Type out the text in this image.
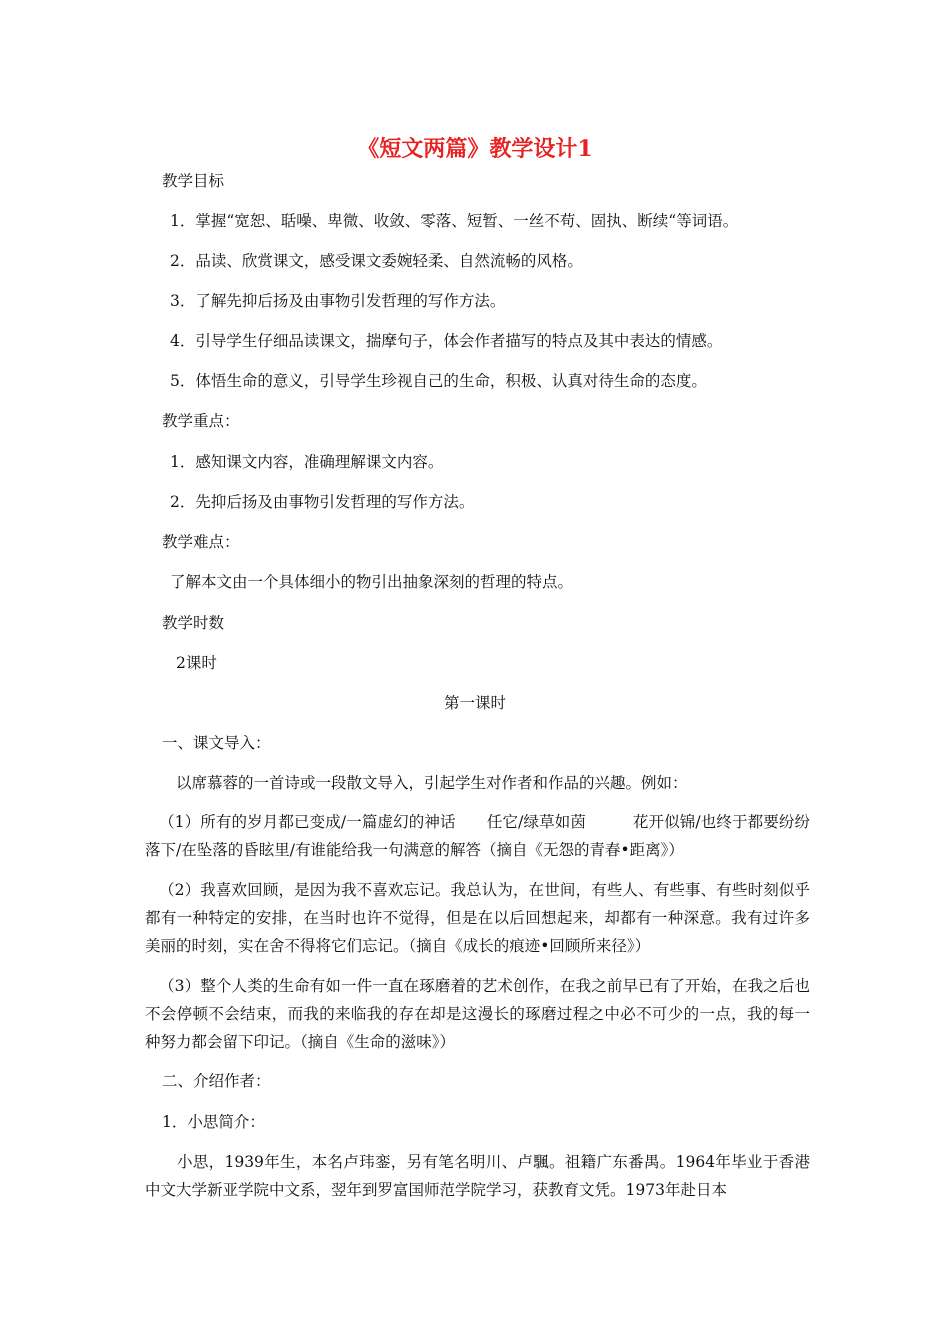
《短文两篇》教学设计1

教学目标

1．掌握“宽恕、聒噪、卑微、收敛、零落、短暂、一丝不苟、固执、断续“等词语。

2．品读、欣赏课文，感受课文委婉轻柔、自然流畅的风格。

3．了解先抑后扬及由事物引发哲理的写作方法。

4．引导学生仔细品读课文，揣摩句子，体会作者描写的特点及其中表达的情感。

5．体悟生命的意义，引导学生珍视自己的生命，积极、认真对待生命的态度。

教学重点：

1．感知课文内容，准确理解课文内容。

2．先抑后扬及由事物引发哲理的写作方法。

教学难点：

了解本文由一个具体细小的物引出抽象深刻的哲理的特点。

教学时数

2课时

第一课时

一、课文导入：

以席慕蓉的一首诗或一段散文导入，引起学生对作者和作品的兴趣。例如：

（1）所有的岁月都已变成/一篇虚幻的神话　　任它/绿草如茵　　　花开似锦/也终于都要纷纷落下/在坠落的昏眩里/有谁能给我一句满意的解答（摘自《无怨的青春•距离》）

（2）我喜欢回顾，是因为我不喜欢忘记。我总认为，在世间，有些人、有些事、有些时刻似乎都有一种特定的安排，在当时也许不觉得，但是在以后回想起来，却都有一种深意。我有过许多美丽的时刻，实在舍不得将它们忘记。（摘自《成长的痕迹•回顾所来径》）

（3）整个人类的生命有如一件一直在琢磨着的艺术创作，在我之前早已有了开始，在我之后也不会停顿不会结束，而我的来临我的存在却是这漫长的琢磨过程之中必不可少的一点，我的每一种努力都会留下印记。（摘自《生命的滋味》）

二、介绍作者：

1．小思简介：

小思，1939年生，本名卢玮銮，另有笔名明川、卢颿。祖籍广东番禺。1964年毕业于香港中文大学新亚学院中文系，翌年到罗富国师范学院学习，获教育文凭。1973年赴日本
